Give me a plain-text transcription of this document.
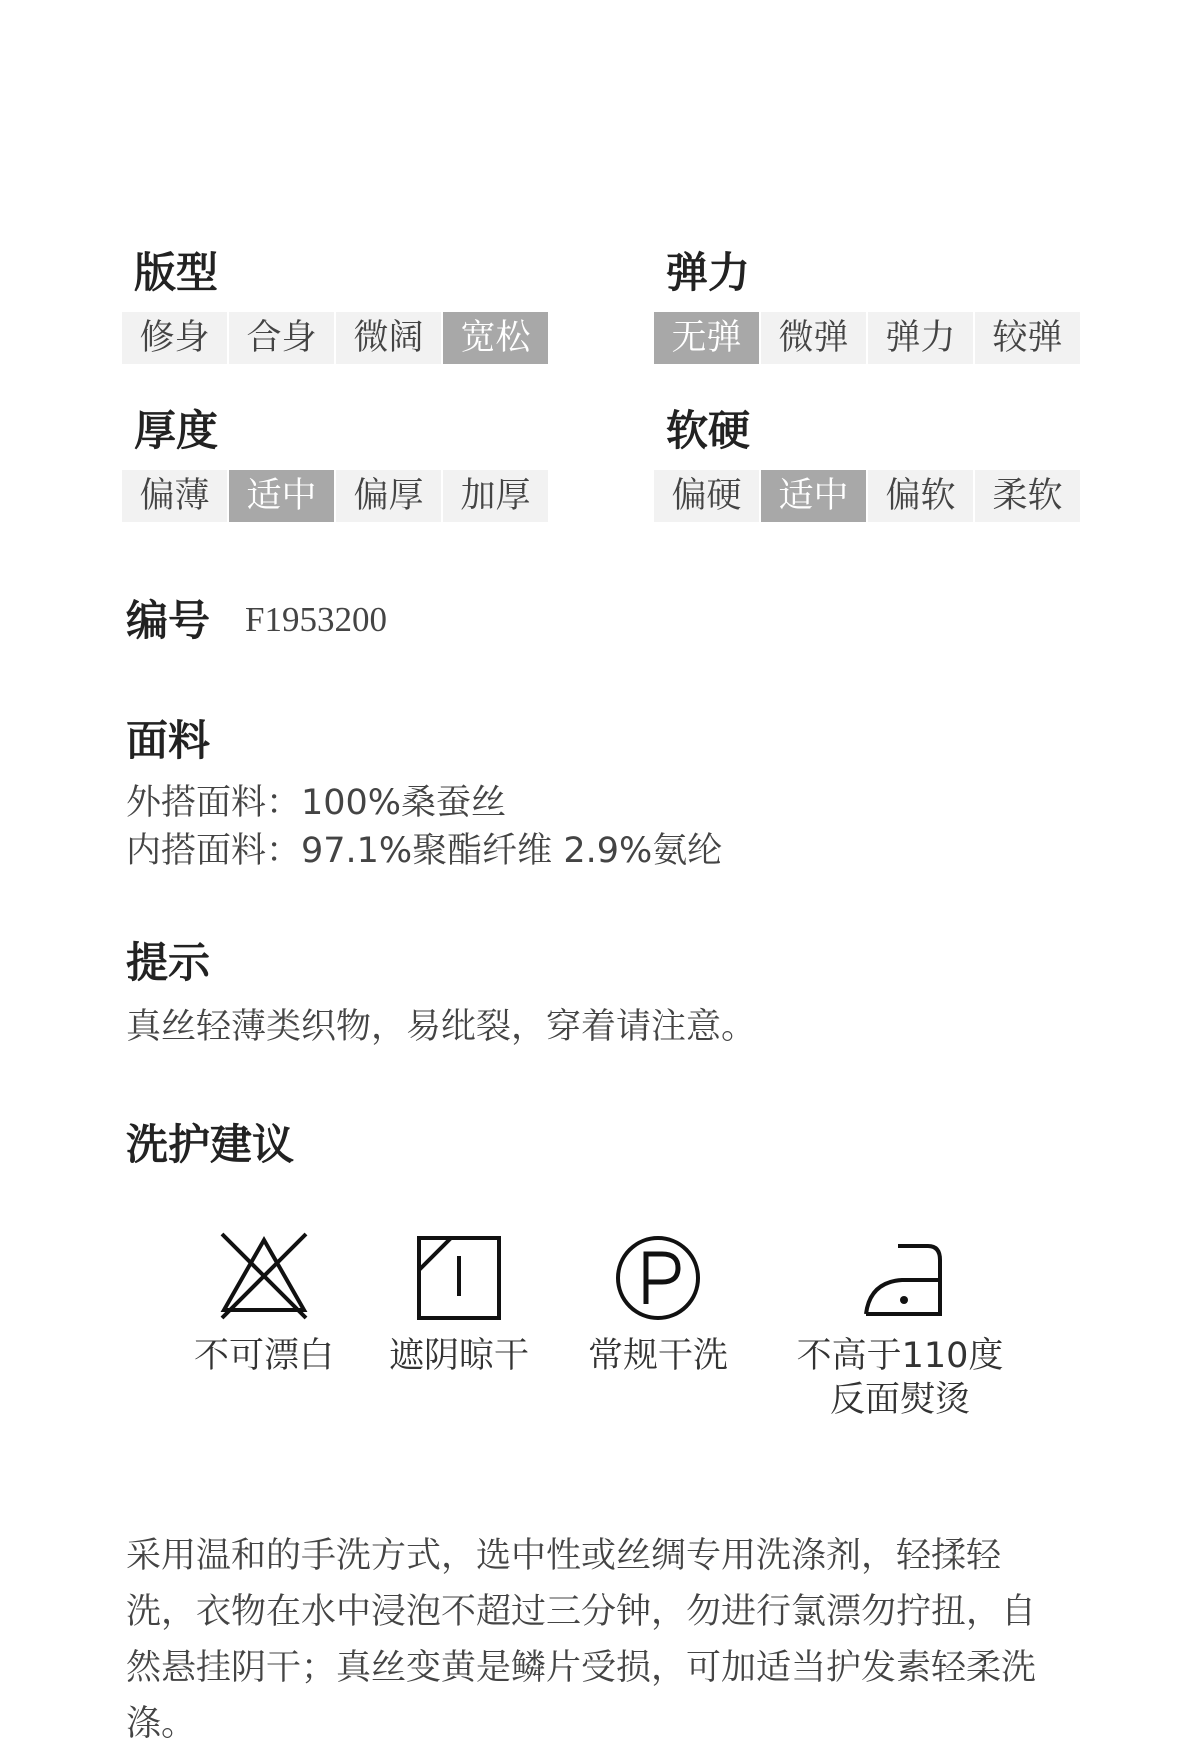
版型
修身	合身	微阔	宽松
弹力
无弹	微弹	弹力	较弹
厚度
偏薄	适中	偏厚	加厚
软硬
偏硬	适中	偏软	柔软
编号 F1953200
面料
外搭面料：100%桑蚕丝
内搭面料：97.1%聚酯纤维 2.9%氨纶
提示
真丝轻薄类织物，易纰裂，穿着请注意。
洗护建议
不可漂白 遮阴晾干 常规干洗 不高于110度
反面熨烫
采用温和的手洗方式，选中性或丝绸专用洗涤剂，轻揉轻
洗，衣物在水中浸泡不超过三分钟，勿进行氯漂勿拧扭，自
然悬挂阴干；真丝变黄是鳞片受损，可加适当护发素轻柔洗
涤。
